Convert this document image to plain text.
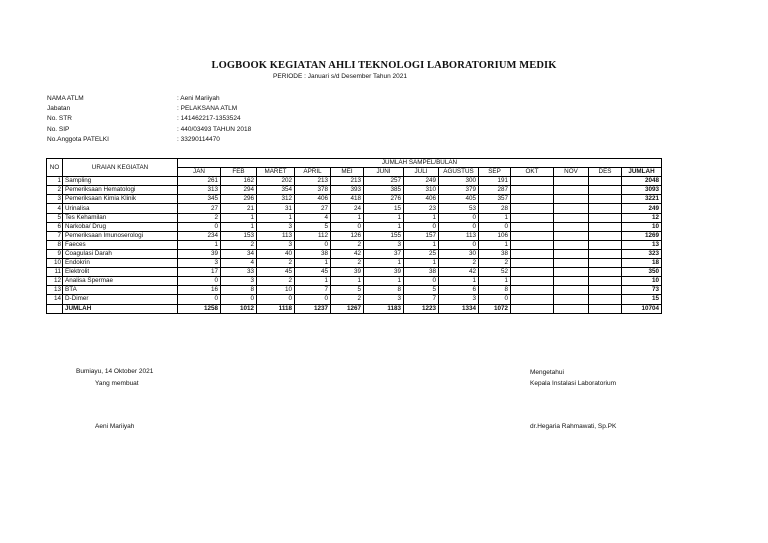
LOGBOOK KEGIATAN AHLI TEKNOLOGI LABORATORIUM MEDIK
PERIODE : Januari s/d Desember Tahun 2021
NAMA ATLM	: Aeni Mariiyah
Jabatan	: PELAKSANA ATLM
No. STR	: 141462217-1353524
No. SIP	: 440/03493 TAHUN 2018
No.Anggota PATELKI	: 33290114470
NO	URAIAN KEGIATAN	JUMLAH SAMPEL/BULAN												
		JAN	FEB	MARET	APRIL	MEI	JUNI	JULI	AGUSTUS	SEP	OKT	NOV	DES	JUMLAH
1	Sampling	261	162	202	213	213	257	249	300	191				2048
2	Pemeriksaan Hematologi	313	294	354	378	393	385	310	379	287				3093
3	Pemeriksaan Kimia Klinik	345	296	312	406	418	276	406	405	357				3221
4	Urinalisa	27	21	31	27	24	15	23	53	28				249
5	Tes Kehamilan	2	1	1	4	1	1	1	0	1				12
6	Narkoba/ Drug	0	1	3	5	0	1	0	0	0				10
7	Pemeriksaan Imunoserologi	234	153	113	112	126	155	157	113	106				1269
8	Faeces	1	2	3	0	2	3	1	0	1				13
9	Coagulasi Darah	39	34	40	38	42	37	25	30	38				323
10	Endokrin	3	4	2	1	2	1	1	2	2				18
11	Elektrolit	17	33	45	45	39	39	38	42	52				350
12	Analisa Spermae	0	3	2	1	1	1	0	1	1				10
13	BTA	16	8	10	7	5	8	5	6	8				73
14	D-Dimer	0	0	0	0	2	3	7	3	0				15
	JUMLAH	1258	1012	1118	1237	1267	1183	1223	1334	1072				10704
Bumiayu, 14 Oktober 2021
Yang membuat
Aeni Mariiyah
Mengetahui
Kepala Instalasi Laboratorium
dr.Hegaria Rahmawati, Sp.PK
